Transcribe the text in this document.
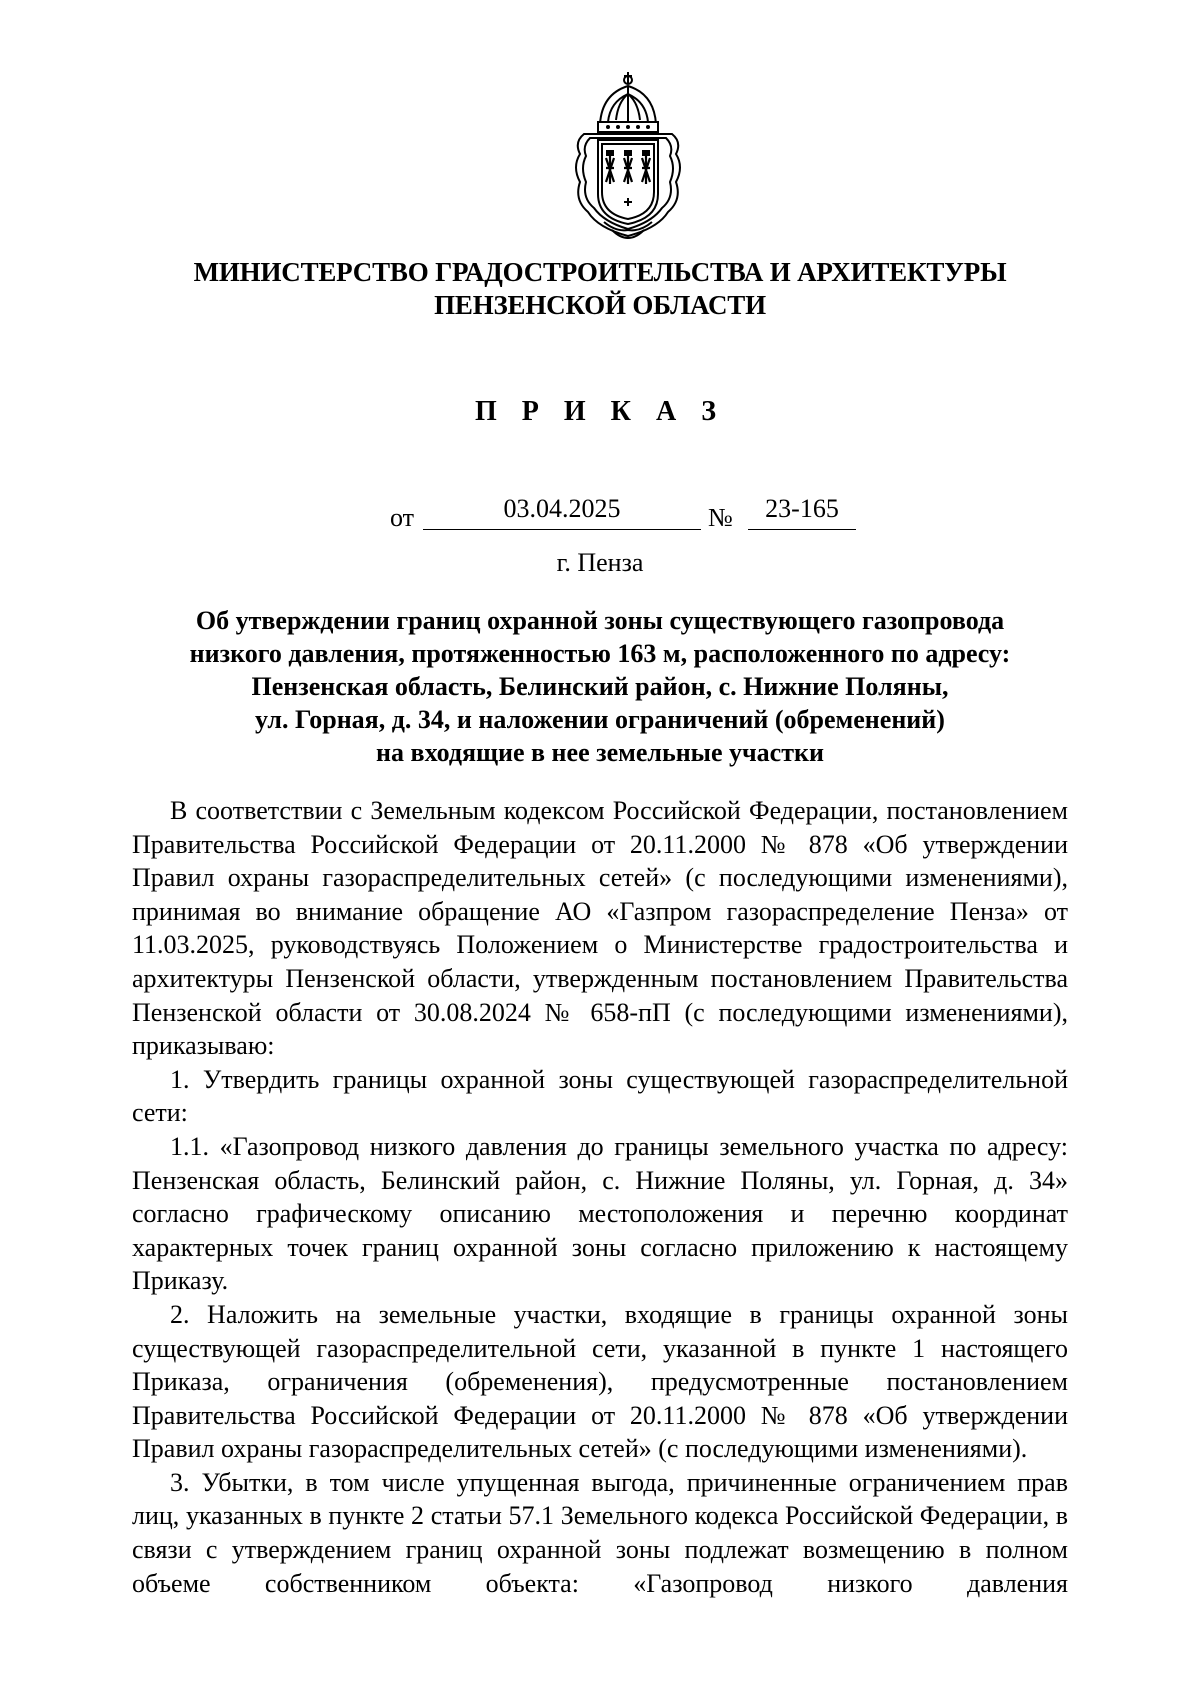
МИНИСТЕРСТВО ГРАДОСТРОИТЕЛЬСТВА И АРХИТЕКТУРЫ
ПЕНЗЕНСКОЙ ОБЛАСТИ
П Р И К А З
от	03.04.2025	№	23-165
г. Пенза
Об утверждении границ охранной зоны существующего газопровода
низкого давления, протяженностью 163 м, расположенного по адресу:
Пензенская область, Белинский район, с. Нижние Поляны,
ул. Горная, д. 34, и наложении ограничений (обременений)
на входящие в нее земельные участки

В соответствии с Земельным кодексом Российской Федерации, постановлением Правительства Российской Федерации от 20.11.2000 № 878 «Об утверждении Правил охраны газораспределительных сетей» (с последующими изменениями), принимая во внимание обращение АО «Газпром газораспределение Пенза» от 11.03.2025, руководствуясь Положением о Министерстве градостроительства и архитектуры Пензенской области, утвержденным постановлением Правительства Пензенской области от 30.08.2024 № 658-пП (с последующими изменениями), приказываю:

1. Утвердить границы охранной зоны существующей газораспределительной сети:

1.1. «Газопровод низкого давления до границы земельного участка по адресу: Пензенская область, Белинский район, с. Нижние Поляны, ул. Горная, д. 34» согласно графическому описанию местоположения и перечню координат характерных точек границ охранной зоны согласно приложению к настоящему Приказу.

2. Наложить на земельные участки, входящие в границы охранной зоны существующей газораспределительной сети, указанной в пункте 1 настоящего Приказа, ограничения (обременения), предусмотренные постановлением Правительства Российской Федерации от 20.11.2000 № 878 «Об утверждении Правил охраны газораспределительных сетей» (с последующими изменениями).

3. Убытки, в том числе упущенная выгода, причиненные ограничением прав лиц, указанных в пункте 2 статьи 57.1 Земельного кодекса Российской Федерации, в связи с утверждением границ охранной зоны подлежат возмещению в полном объеме собственником объекта: «Газопровод низкого давления
